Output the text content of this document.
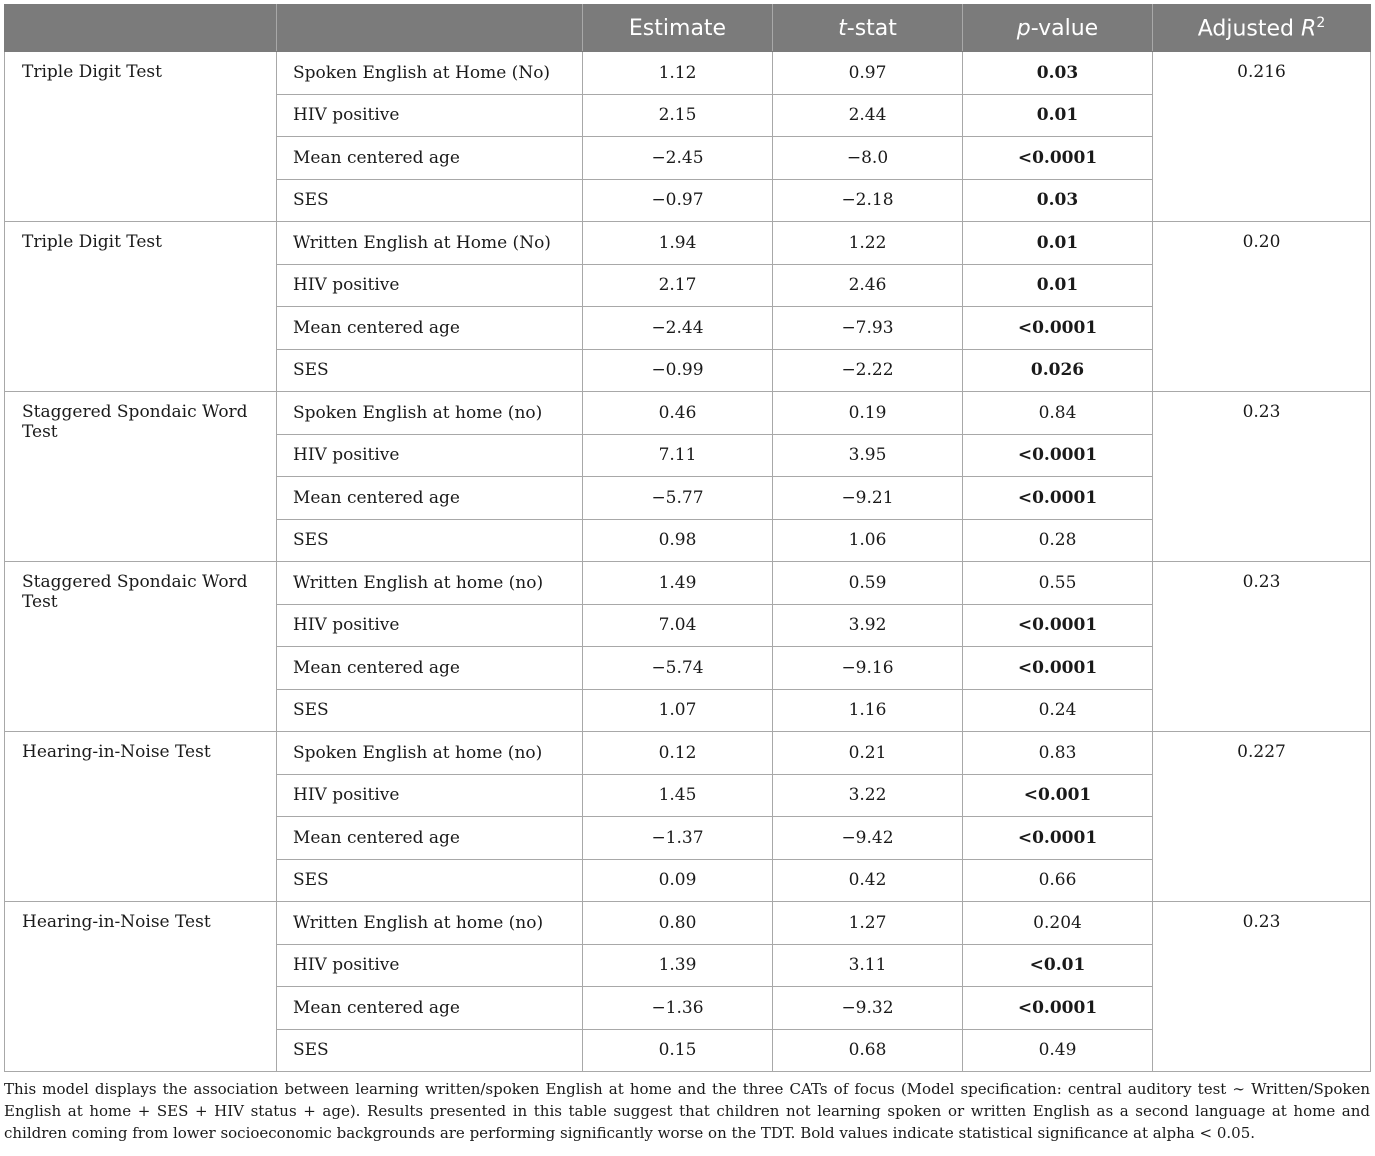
		Estimate	t-stat	p-value	Adjusted $R^2$
Triple Digit Test	Spoken English at Home (No)	1.12	0.97	0.03	0.216
	HIV positive	2.15	2.44	0.01	
	Mean centered age	−2.45	−8.0	<0.0001	
	SES	−0.97	−2.18	0.03	
Triple Digit Test	Written English at Home (No)	1.94	1.22	0.01	0.20
	HIV positive	2.17	2.46	0.01	
	Mean centered age	−2.44	−7.93	<0.0001	
	SES	−0.99	−2.22	0.026	
Staggered Spondaic Word Test	Spoken English at home (no)	0.46	0.19	0.84	0.23
	HIV positive	7.11	3.95	<0.0001	
	Mean centered age	−5.77	−9.21	<0.0001	
	SES	0.98	1.06	0.28	
Staggered Spondaic Word Test	Written English at home (no)	1.49	0.59	0.55	0.23
	HIV positive	7.04	3.92	<0.0001	
	Mean centered age	−5.74	−9.16	<0.0001	
	SES	1.07	1.16	0.24	
Hearing-in-Noise Test	Spoken English at home (no)	0.12	0.21	0.83	0.227
	HIV positive	1.45	3.22	<0.001	
	Mean centered age	−1.37	−9.42	<0.0001	
	SES	0.09	0.42	0.66	
Hearing-in-Noise Test	Written English at home (no)	0.80	1.27	0.204	0.23
	HIV positive	1.39	3.11	<0.01	
	Mean centered age	−1.36	−9.32	<0.0001	
	SES	0.15	0.68	0.49	
This model displays the association between learning written/spoken English at home and the three CATs of focus (Model specification: central auditory test ∼ Written/Spoken English at home + SES + HIV status + age). Results presented in this table suggest that children not learning spoken or written English as a second language at home and children coming from lower socioeconomic backgrounds are performing significantly worse on the TDT. Bold values indicate statistical significance at alpha < 0.05.
